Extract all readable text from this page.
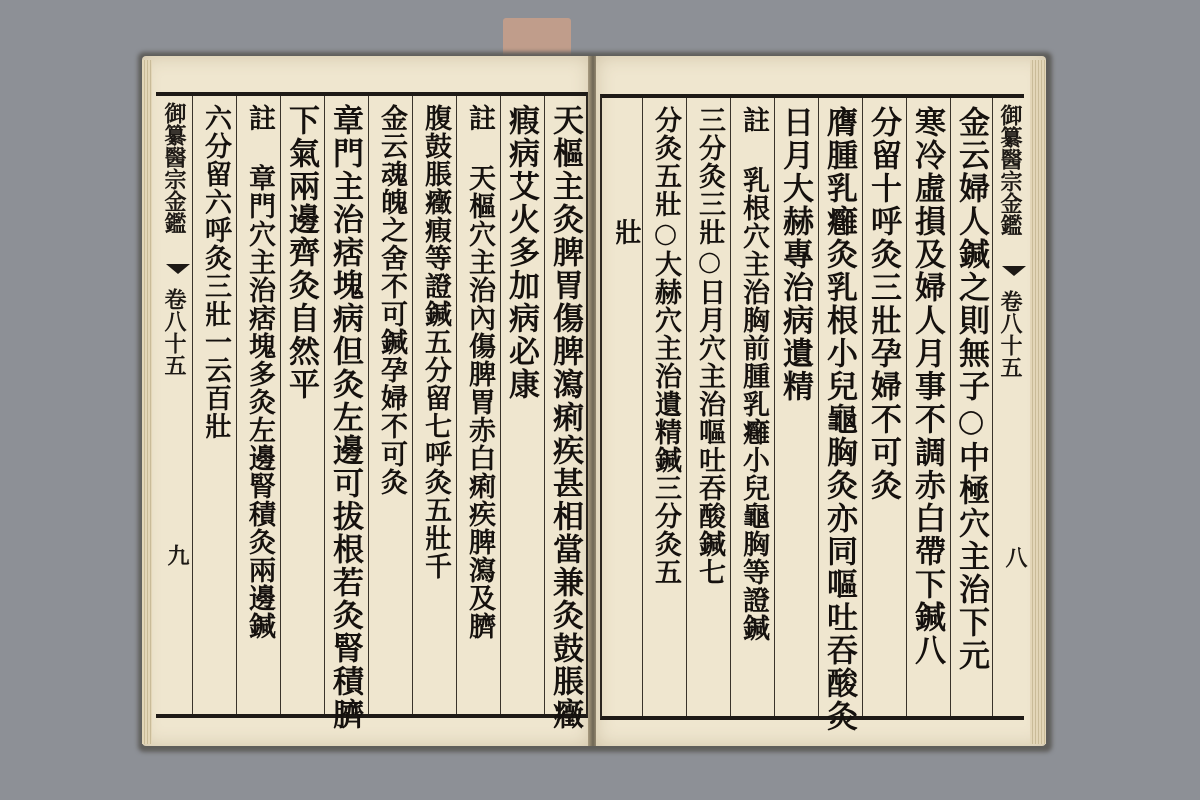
御纂醫宗金鑑
卷八十五
九	天樞主灸脾胃傷脾瀉痢疾甚相當兼灸鼓脹癥
瘕病艾火多加病必康
註 天樞穴主治內傷脾胃赤白痢疾脾瀉及臍
腹鼓脹癥瘕等證鍼五分留七呼灸五壯千
金云魂魄之舍不可鍼孕婦不可灸
章門主治痞塊病但灸左邊可拔根若灸腎積臍
下氣兩邊齊灸自然平
註 章門穴主治痞塊多灸左邊腎積灸兩邊鍼
六分留六呼灸三壯一云百壯	金云婦人鍼之則無子○中極穴主治下元
寒冷虛損及婦人月事不調赤白帶下鍼八
分留十呼灸三壯孕婦不可灸
膺腫乳癰灸乳根小兒龜胸灸亦同嘔吐吞酸灸
日月大赫專治病遺精
註 乳根穴主治胸前腫乳癰小兒龜胸等證鍼
三分灸三壯○日月穴主治嘔吐吞酸鍼七
分灸五壯○大赫穴主治遺精鍼三分灸五
壯	御纂醫宗金鑑
卷八十五
八
